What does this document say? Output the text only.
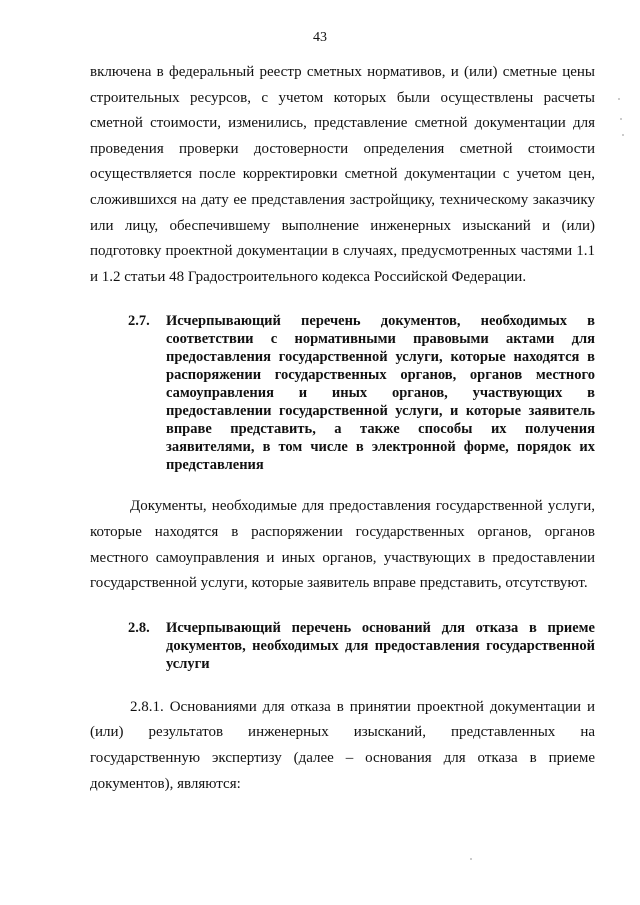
43

включена в федеральный реестр сметных нормативов, и (или) сметные цены строительных ресурсов, с учетом которых были осуществлены расчеты сметной стоимости, изменились, представление сметной документации для проведения проверки достоверности определения сметной стоимости осуществляется после корректировки сметной документации с учетом цен, сложившихся на дату ее представления застройщику, техническому заказчику или лицу, обеспечившему выполнение инженерных изысканий и (или) подготовку проектной документации в случаях, предусмотренных частями 1.1 и 1.2 статьи 48 Градостроительного кодекса Российской Федерации.

2.7.	Исчерпывающий перечень документов, необходимых в соответствии с нормативными правовыми актами для предоставления государственной услуги, которые находятся в распоряжении государственных органов, органов местного самоуправления и иных органов, участвующих в предоставлении государственной услуги, и которые заявитель вправе представить, а также способы их получения заявителями, в том числе в электронной форме, порядок их представления

Документы, необходимые для предоставления государственной услуги, которые находятся в распоряжении государственных органов, органов местного самоуправления и иных органов, участвующих в предоставлении государственной услуги, которые заявитель вправе представить, отсутствуют.

2.8.	Исчерпывающий перечень оснований для отказа в приеме документов, необходимых для предоставления государственной услуги

2.8.1. Основаниями для отказа в принятии проектной документации и (или) результатов инженерных изысканий, представленных на государственную экспертизу (далее – основания для отказа в приеме документов), являются:
